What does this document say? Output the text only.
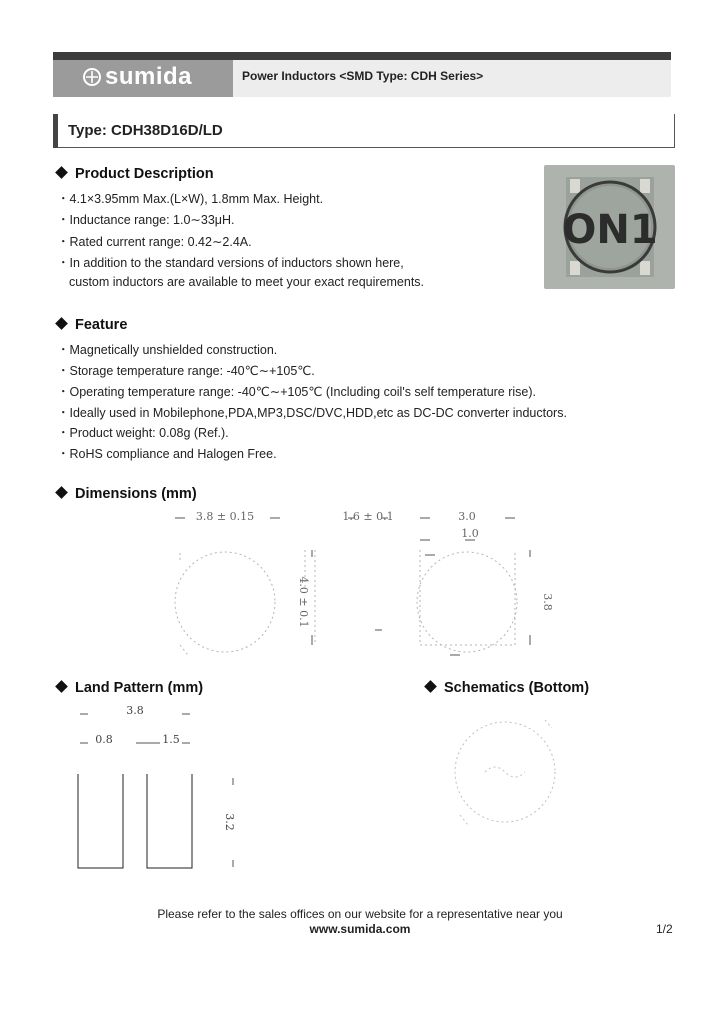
sumida	Power Inductors <SMD Type: CDH Series>
Type: CDH38D16D/LD
Product Description
・4.1×3.95mm Max.(L×W), 1.8mm Max. Height.
・Inductance range: 1.0∼33μH.
・Rated current range: 0.42∼2.4A.
・In addition to the standard versions of inductors shown here,
custom inductors are available to meet your exact requirements.
ON1
Feature
・Magnetically unshielded construction.
・Storage temperature range: -40℃∼+105℃.
・Operating temperature range: -40℃∼+105℃ (Including coil's self temperature rise).
・Ideally used in Mobilephone,PDA,MP3,DSC/DVC,HDD,etc as DC-DC converter inductors.
・Product weight: 0.08g (Ref.).
・RoHS compliance and Halogen Free.
Dimensions (mm)
3.8 ± 0.15	1.6 ± 0.1	3.0
1.0
3.8
4.0 ± 0.1
Land Pattern (mm)
3.8
0.8	1.5
3.2
Schematics (Bottom)
Please refer to the sales offices on our website for a representative near you
www.sumida.com	1/2
